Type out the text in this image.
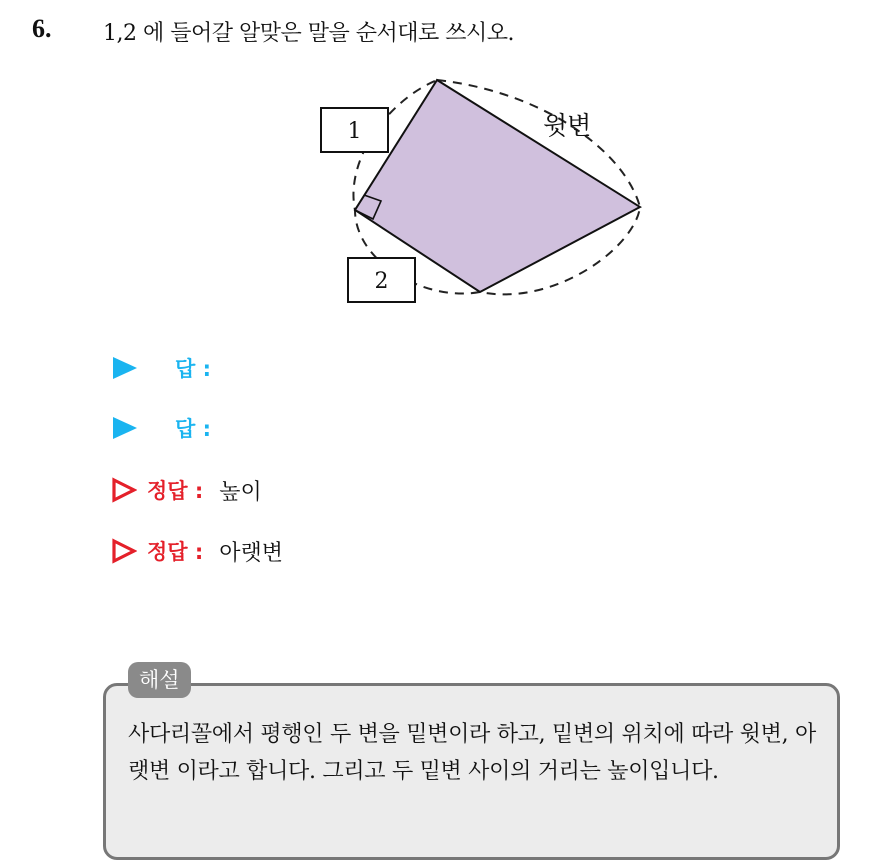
6. 1,2 에 들어갈 알맞은 말을 순서대로 쓰시오.
1
2
윗변
답 :
답 :
정답 : 높이
정답 : 아랫변
해설
사다리꼴에서 평행인 두 변을 밑변이라 하고, 밑변의 위치에 따라 윗변, 아랫변 이라고 합니다. 그리고 두 밑변 사이의 거리는 높이입니다.
